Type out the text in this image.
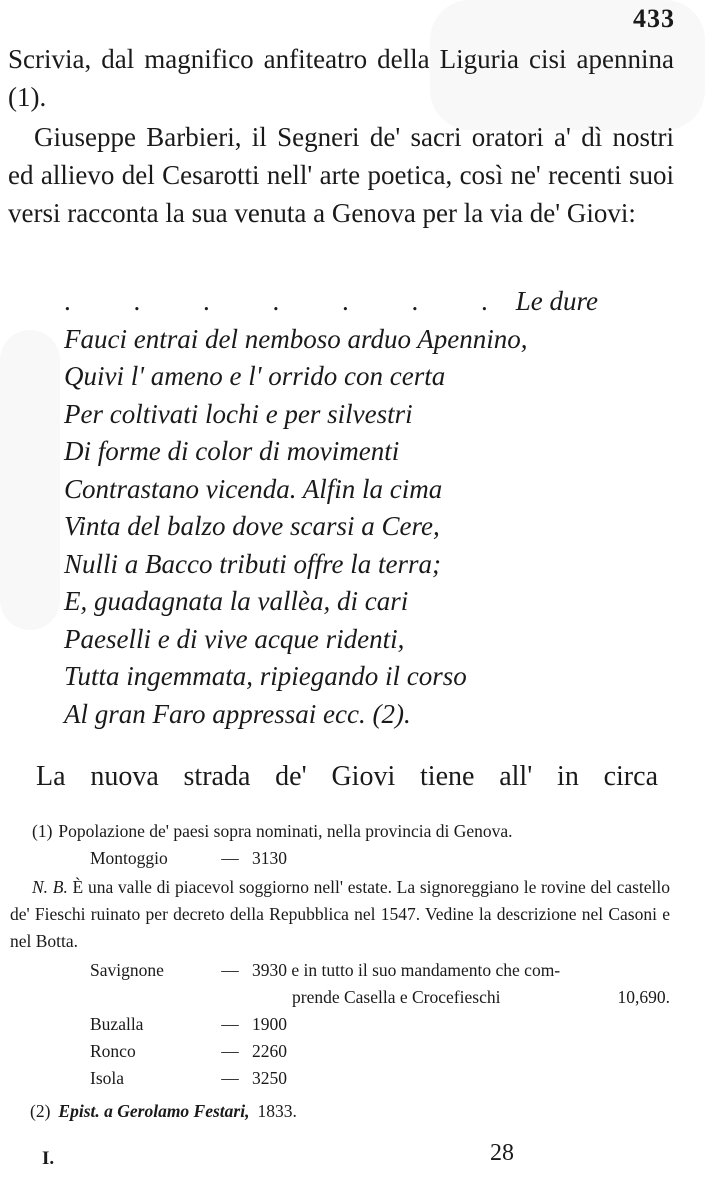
433

Scrivia, dal magnifico anfiteatro della Liguria cisi apennina (1).

Giuseppe Barbieri, il Segneri de' sacri oratori a' dì nostri ed allievo del Cesarotti nell' arte poetica, così ne' recenti suoi versi racconta la sua venuta a Genova per la via de' Giovi:

. . . . . . . Le dure
Fauci entrai del nemboso arduo Apennino,
Quivi l' ameno e l' orrido con certa
Per coltivati lochi e per silvestri
Di forme di color di movimenti
Contrastano vicenda. Alfin la cima
Vinta del balzo dove scarsi a Cere,
Nulli a Bacco tributi offre la terra;
E, guadagnata la vallèa, di cari
Paeselli e di vive acque ridenti,
Tutta ingemmata, ripiegando il corso
Al gran Faro appressai ecc. (2).
La nuova strada de' Giovi tiene all' in circa
(1) Popolazione de' paesi sopra nominati, nella provincia di Genova.
Montoggio	— 3130
N. B. È una valle di piacevol soggiorno nell' estate. La signoreggiano le rovine del castello de' Fieschi ruinato per decreto della Repubblica nel 1547. Vedine la descrizione nel Casoni e nel Botta.
Savignone	— 3930 e in tutto il suo mandamento che com-
prende Casella e Crocefieschi	10,690.
Buzalla	— 1900
Ronco	— 2260
Isola	— 3250
(2) Epist. a Gerolamo Festari, 1833.
I.	28
